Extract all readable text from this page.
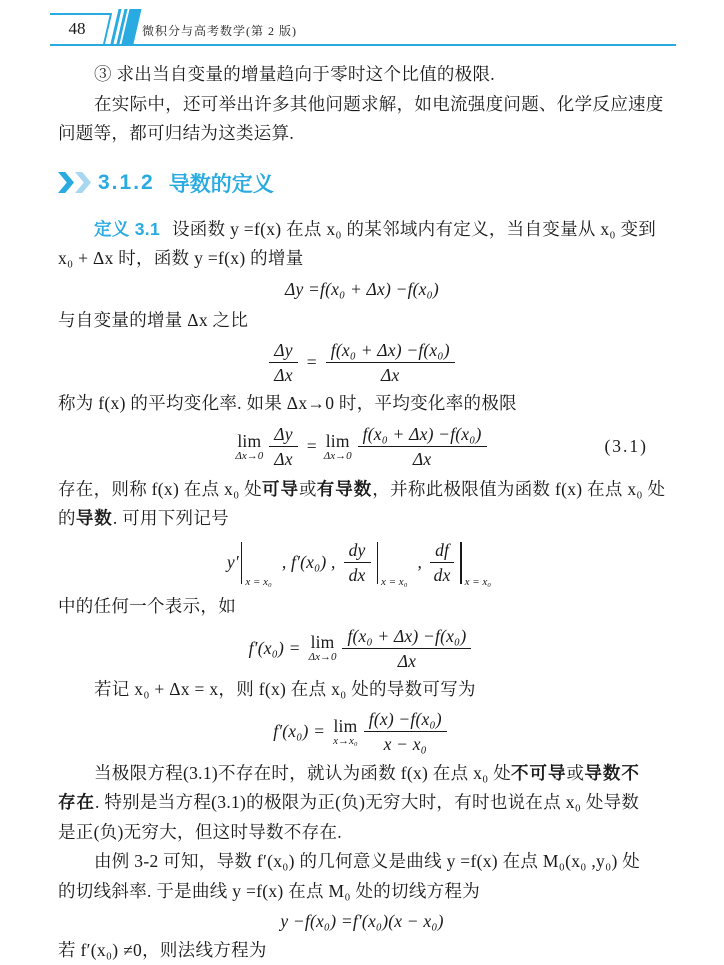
48	微积分与高考数学(第 2 版)

③ 求出当自变量的增量趋向于零时这个比值的极限.

在实际中，还可举出许多其他问题求解，如电流强度问题、化学反应速度

问题等，都可归结为这类运算.

3.1.2 导数的定义

定义 3.1 设函数 y =f(x) 在点 x₀ 的某邻域内有定义，当自变量从 x₀ 变到

x₀ + Δx 时，函数 y =f(x) 的增量

Δy =f(x₀ + Δx) −f(x₀)

与自变量的增量 Δx 之比

$\frac{\Delta y}{\Delta x} = \frac{\text{f(x₀ + Δx) −f(x₀)}}{\Delta x}$

称为 f(x) 的平均变化率. 如果 Δx→0 时，平均变化率的极限

lim
$\Delta x\to 0 \frac{\Delta y}{\Delta x} = \lim$
$\Delta x\to 0 \frac{\text{f(x₀ + Δx) −f(x₀)}}{\Delta x}$	(3.1)

存在，则称 f(x) 在点 x₀ 处可导或有导数，并称此极限值为函数 f(x) 在点 x₀ 处

的导数. 可用下列记号

y′
x = x₀
, f′(x₀) , $\frac{dy}{dx}$ x = x₀
, $\frac{df}{dx}$ x = x₀

中的任何一个表示，如

f′(x₀) = lim
$\Delta x\to 0 \frac{\text{f(x₀ + Δx) −f(x₀)}}{\Delta x}$

若记 x₀ + Δx = x，则 f(x) 在点 x₀ 处的导数可写为

f′(x₀) = lim
$x\to x_0 \frac{\text{f(x) −f(x₀)}}{\text{x − x₀}}$

当极限方程(3.1)不存在时，就认为函数 f(x) 在点 x₀ 处不可导或导数不

存在. 特别是当方程(3.1)的极限为正(负)无穷大时，有时也说在点 x₀ 处导数

是正(负)无穷大，但这时导数不存在.

由例 3-2 可知，导数 f′(x₀) 的几何意义是曲线 y =f(x) 在点 M₀(x₀ ,y₀) 处

的切线斜率. 于是曲线 y =f(x) 在点 M₀ 处的切线方程为

y −f(x₀) =f′(x₀)(x − x₀)

若 f′(x₀) ≠0，则法线方程为
